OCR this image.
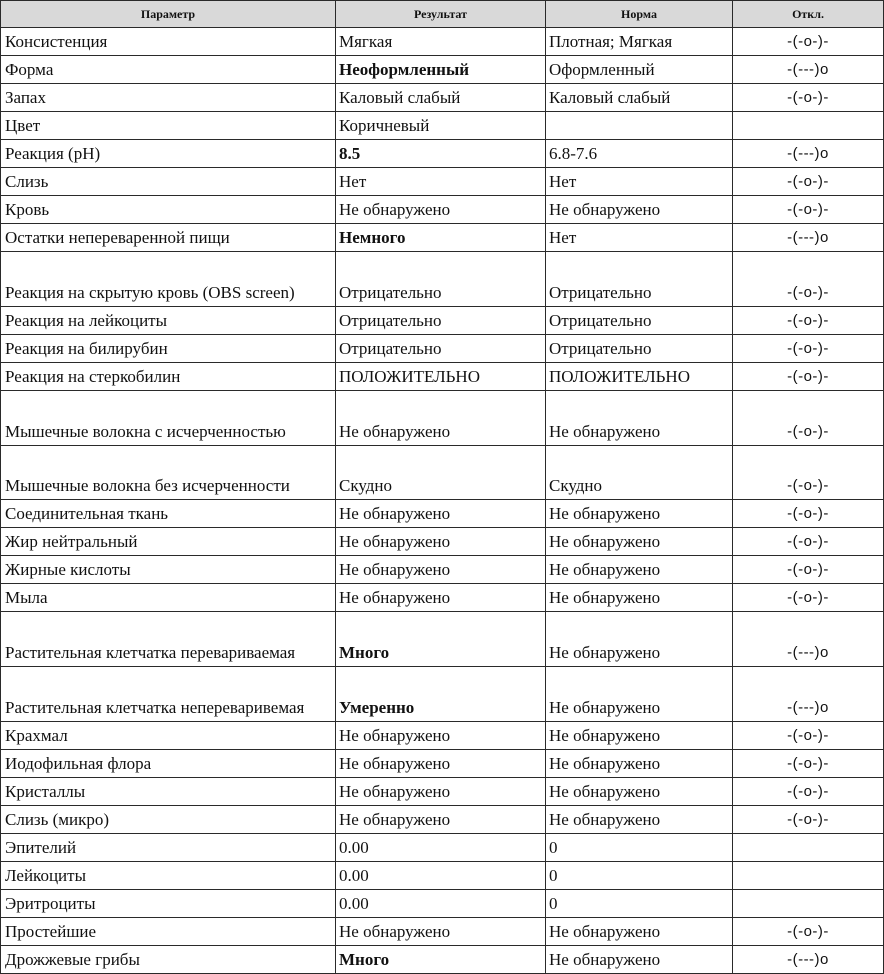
Параметр	Результат	Норма	Откл.
Консистенция	Мягкая	Плотная; Мягкая	-(-o-)-
Форма	Неоформленный	Оформленный	-(---)o
Запах	Каловый слабый	Каловый слабый	-(-o-)-
Цвет	Коричневый		
Реакция (pH)	8.5	6.8-7.6	-(---)o
Слизь	Нет	Нет	-(-o-)-
Кровь	Не обнаружено	Не обнаружено	-(-o-)-
Остатки непереваренной пищи	Немного	Нет	-(---)o
Реакция на скрытую кровь (OBS screen)	Отрицательно	Отрицательно	-(-o-)-
Реакция на лейкоциты	Отрицательно	Отрицательно	-(-o-)-
Реакция на билирубин	Отрицательно	Отрицательно	-(-o-)-
Реакция на стеркобилин	ПОЛОЖИТЕЛЬНО	ПОЛОЖИТЕЛЬНО	-(-o-)-
Мышечные волокна с исчерченностью	Не обнаружено	Не обнаружено	-(-o-)-
Мышечные волокна без исчерченности	Скудно	Скудно	-(-o-)-
Соединительная ткань	Не обнаружено	Не обнаружено	-(-o-)-
Жир нейтральный	Не обнаружено	Не обнаружено	-(-o-)-
Жирные кислоты	Не обнаружено	Не обнаружено	-(-o-)-
Мыла	Не обнаружено	Не обнаружено	-(-o-)-
Растительная клетчатка перевариваемая	Много	Не обнаружено	-(---)o
Растительная клетчатка непереваривемая	Умеренно	Не обнаружено	-(---)o
Крахмал	Не обнаружено	Не обнаружено	-(-o-)-
Иодофильная флора	Не обнаружено	Не обнаружено	-(-o-)-
Кристаллы	Не обнаружено	Не обнаружено	-(-o-)-
Слизь (микро)	Не обнаружено	Не обнаружено	-(-o-)-
Эпителий	0.00	0	
Лейкоциты	0.00	0	
Эритроциты	0.00	0	
Простейшие	Не обнаружено	Не обнаружено	-(-o-)-
Дрожжевые грибы	Много	Не обнаружено	-(---)o
